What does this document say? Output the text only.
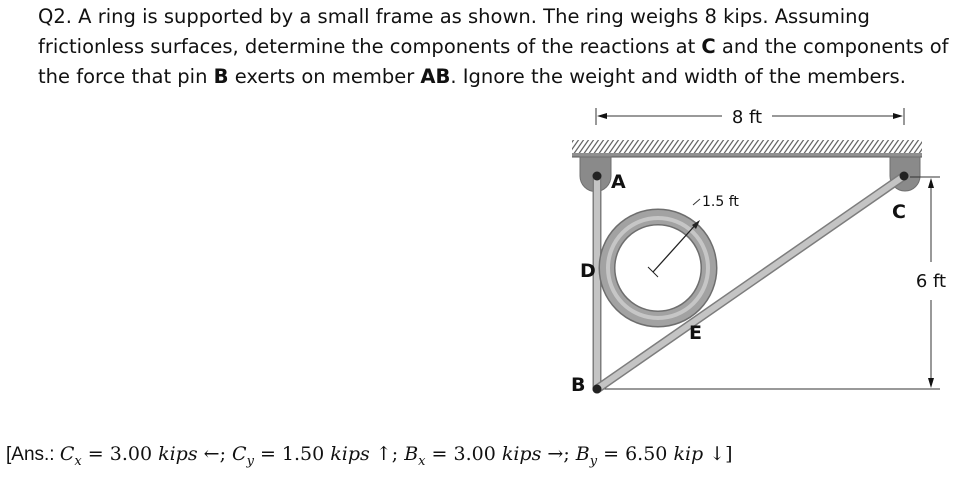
Q2. A ring is supported by a small frame as shown. The ring weighs 8 kips. Assuming frictionless surfaces, determine the components of the reactions at C and the components of the force that pin B exerts on member AB. Ignore the weight and width of the members.

8 ft
6 ft
1.5 ft
A
C
D
E
B
[Ans.: $C_x = 3.00$ kips ←; $C_y = 1.50$ kips ↑; $B_x = 3.00$ kips →; $B_y = 6.50$ kip ↓]
